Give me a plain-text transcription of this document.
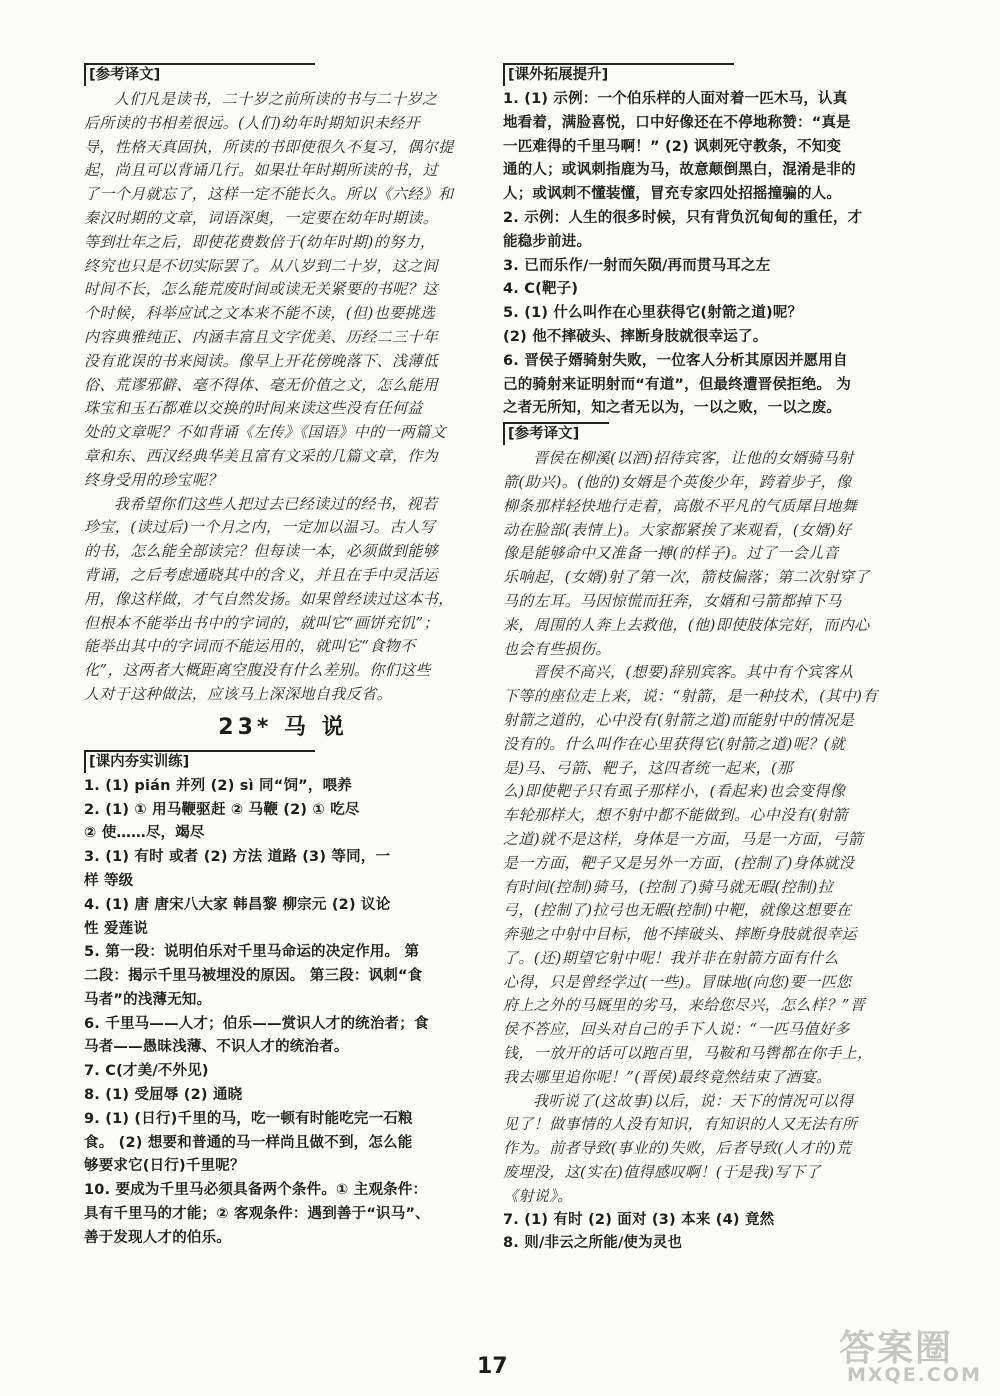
[参考译文]
人们凡是读书，二十岁之前所读的书与二十岁之
后所读的书相差很远。(人们)幼年时期知识未经开
导，性格天真固执，所读的书即使很久不复习，偶尔提
起，尚且可以背诵几行。如果壮年时期所读的书，过
了一个月就忘了，这样一定不能长久。所以《六经》和
秦汉时期的文章，词语深奥，一定要在幼年时期读。
等到壮年之后，即使花费数倍于(幼年时期)的努力，
终究也只是不切实际罢了。从八岁到二十岁，这之间
时间不长，怎么能荒废时间或读无关紧要的书呢？这
个时候，科举应试之文本来不能不读，(但)也要挑选
内容典雅纯正、内涵丰富且文字优美、历经二三十年
没有讹误的书来阅读。像早上开花傍晚落下、浅薄低
俗、荒谬邪僻、毫不得体、毫无价值之文，怎么能用
珠宝和玉石都难以交换的时间来读这些没有任何益
处的文章呢？不如背诵《左传》《国语》中的一两篇文
章和东、西汉经典华美且富有文采的几篇文章，作为
终身受用的珍宝呢？
我希望你们这些人把过去已经读过的经书，视若
珍宝，(读过后)一个月之内，一定加以温习。古人写
的书，怎么能全部读完？但每读一本，必须做到能够
背诵，之后考虑通晓其中的含义，并且在手中灵活运
用，像这样做，才气自然发扬。如果曾经读过这本书，
但根本不能举出书中的字词的，就叫它“画饼充饥”；
能举出其中的字词而不能运用的，就叫它“食物不
化”，这两者大概距离空腹没有什么差别。你们这些
人对于这种做法，应该马上深深地自我反省。
23* 马 说
[课内夯实训练]
1. (1) pián 并列 (2) sì 同“饲”，喂养
2. (1) ① 用马鞭驱赶 ② 马鞭 (2) ① 吃尽
② 使……尽，竭尽
3. (1) 有时 或者 (2) 方法 道路 (3) 等同，一
样 等级
4. (1) 唐 唐宋八大家 韩昌黎 柳宗元 (2) 议论
性 爱莲说
5. 第一段：说明伯乐对千里马命运的决定作用。 第
二段：揭示千里马被埋没的原因。 第三段：讽刺“食
马者”的浅薄无知。
6. 千里马——人才；伯乐——赏识人才的统治者；食
马者——愚昧浅薄、不识人才的统治者。
7. C(才美/不外见)
8. (1) 受屈辱 (2) 通晓
9. (1) (日行)千里的马，吃一顿有时能吃完一石粮
食。 (2) 想要和普通的马一样尚且做不到，怎么能
够要求它(日行)千里呢？
10. 要成为千里马必须具备两个条件。① 主观条件：
具有千里马的才能；② 客观条件：遇到善于“识马”、
善于发现人才的伯乐。
[课外拓展提升]
1. (1) 示例：一个伯乐样的人面对着一匹木马，认真
地看着，满脸喜悦，口中好像还在不停地称赞：“真是
一匹难得的千里马啊！” (2) 讽刺死守教条，不知变
通的人；或讽刺指鹿为马，故意颠倒黑白，混淆是非的
人；或讽刺不懂装懂，冒充专家四处招摇撞骗的人。
2. 示例：人生的很多时候，只有背负沉甸甸的重任，才
能稳步前进。
3. 已而乐作/一射而矢陨/再而贯马耳之左
4. C(靶子)
5. (1) 什么叫作在心里获得它(射箭之道)呢？
(2) 他不摔破头、摔断身肢就很幸运了。
6. 晋侯子婿骑射失败，一位客人分析其原因并愿用自
己的骑射来证明射而“有道”，但最终遭晋侯拒绝。 为
之者无所知，知之者无以为，一以之败，一以之废。
[参考译文]
晋侯在柳溪(以酒)招待宾客，让他的女婿骑马射
箭(助兴)。(他的)女婿是个英俊少年，跨着步子，像
柳条那样轻快地行走着，高傲不平凡的气质犀目地舞
动在脸部(表情上)。大家都紧挨了来观看，(女婿)好
像是能够命中又准备一搏(的样子)。过了一会儿音
乐响起，(女婿)射了第一次，箭枝偏落；第二次射穿了
马的左耳。马因惊慌而狂奔，女婿和弓箭都掉下马
来，周围的人奔上去救他，(他)即使肢体完好，而内心
也会有些损伤。
晋侯不高兴，(想要)辞别宾客。其中有个宾客从
下等的座位走上来，说：“射箭，是一种技术，(其中)有
射箭之道的，心中没有(射箭之道)而能射中的情况是
没有的。什么叫作在心里获得它(射箭之道)呢？(就
是)马、弓箭、靶子，这四者统一起来，(那
么)即使靶子只有虱子那样小，(看起来)也会变得像
车轮那样大，想不射中都不能做到。心中没有(射箭
之道)就不是这样，身体是一方面，马是一方面，弓箭
是一方面，靶子又是另外一方面，(控制了)身体就没
有时间(控制)骑马，(控制了)骑马就无暇(控制)拉
弓，(控制了)拉弓也无暇(控制)中靶，就像这想要在
奔驰之中射中目标，他不摔破头、摔断身肢就很幸运
了。(还)期望它射中呢！我并非在射箭方面有什么
心得，只是曾经学过(一些)。冒昧地(向您)要一匹您
府上之外的马厩里的劣马，来给您尽兴，怎么样？”晋
侯不答应，回头对自己的手下人说：“一匹马值好多
钱，一放开的话可以跑百里，马鞍和马辔都在你手上，
我去哪里追你呢！”(晋侯)最终竟然结束了酒宴。
我听说了(这故事)以后，说：天下的情况可以得
见了！做事情的人没有知识，有知识的人又无法有所
作为。前者导致(事业的)失败，后者导致(人才的)荒
废埋没，这(实在)值得感叹啊！(于是我)写下了
《射说》。
7. (1) 有时 (2) 面对 (3) 本来 (4) 竟然
8. 则/非云之所能/使为灵也
17	答案圈
MXQE.COM
